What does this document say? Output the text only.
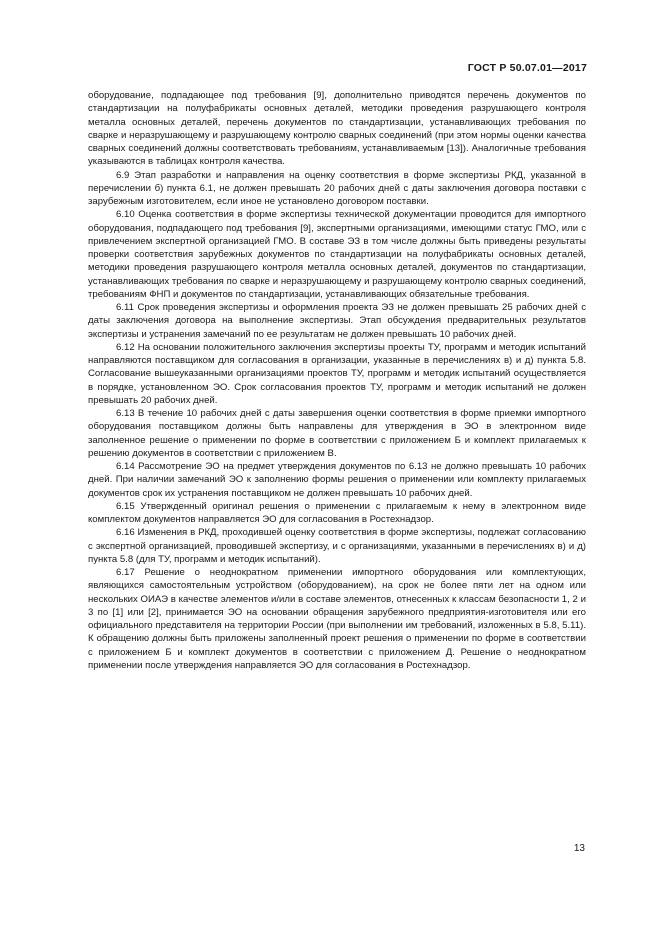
ГОСТ Р 50.07.01—2017

оборудование, подпадающее под требования [9], дополнительно приводятся перечень документов по стандартизации на полуфабрикаты основных деталей, методики проведения разрушающего контроля металла основных деталей, перечень документов по стандартизации, устанавливающих требования по сварке и неразрушающему и разрушающему контролю сварных соединений (при этом нормы оценки качества сварных соединений должны соответствовать требованиям, устанавливаемым [13]). Аналогичные требования указываются в таблицах контроля качества.

6.9 Этап разработки и направления на оценку соответствия в форме экспертизы РКД, указанной в перечислении б) пункта 6.1, не должен превышать 20 рабочих дней с даты заключения договора поставки с зарубежным изготовителем, если иное не установлено договором поставки.

6.10 Оценка соответствия в форме экспертизы технической документации проводится для импортного оборудования, подпадающего под требования [9], экспертными организациями, имеющими статус ГМО, или с привлечением экспертной организацией ГМО. В составе ЭЗ в том числе должны быть приведены результаты проверки соответствия зарубежных документов по стандартизации на полуфабрикаты основных деталей, методики проведения разрушающего контроля металла основных деталей, документов по стандартизации, устанавливающих требования по сварке и неразрушающему и разрушающему контролю сварных соединений, требованиям ФНП и документов по стандартизации, устанавливающих обязательные требования.

6.11 Срок проведения экспертизы и оформления проекта ЭЗ не должен превышать 25 рабочих дней с даты заключения договора на выполнение экспертизы. Этап обсуждения предварительных результатов экспертизы и устранения замечаний по ее результатам не должен превышать 10 рабочих дней.

6.12 На основании положительного заключения экспертизы проекты ТУ, программ и методик испытаний направляются поставщиком для согласования в организации, указанные в перечислениях в) и д) пункта 5.8. Согласование вышеуказанными организациями проектов ТУ, программ и методик испытаний осуществляется в порядке, установленном ЭО. Срок согласования проектов ТУ, программ и методик испытаний не должен превышать 20 рабочих дней.

6.13 В течение 10 рабочих дней с даты завершения оценки соответствия в форме приемки импортного оборудования поставщиком должны быть направлены для утверждения в ЭО в электронном виде заполненное решение о применении по форме в соответствии с приложением Б и комплект прилагаемых к решению документов в соответствии с приложением В.

6.14 Рассмотрение ЭО на предмет утверждения документов по 6.13 не должно превышать 10 рабочих дней. При наличии замечаний ЭО к заполнению формы решения о применении или комплекту прилагаемых документов срок их устранения поставщиком не должен превышать 10 рабочих дней.

6.15 Утвержденный оригинал решения о применении с прилагаемым к нему в электронном виде комплектом документов направляется ЭО для согласования в Ростехнадзор.

6.16 Изменения в РКД, проходившей оценку соответствия в форме экспертизы, подлежат согласованию с экспертной организацией, проводившей экспертизу, и с организациями, указанными в перечислениях в) и д) пункта 5.8 (для ТУ, программ и методик испытаний).

6.17 Решение о неоднократном применении импортного оборудования или комплектующих, являющихся самостоятельным устройством (оборудованием), на срок не более пяти лет на одном или нескольких ОИАЭ в качестве элементов и/или в составе элементов, отнесенных к классам безопасности 1, 2 и 3 по [1] или [2], принимается ЭО на основании обращения зарубежного предприятия-изготовителя или его официального представителя на территории России (при выполнении им требований, изложенных в 5.8, 5.11). К обращению должны быть приложены заполненный проект решения о применении по форме в соответствии с приложением Б и комплект документов в соответствии с приложением Д. Решение о неоднократном применении после утверждения направляется ЭО для согласования в Ростехнадзор.

13
